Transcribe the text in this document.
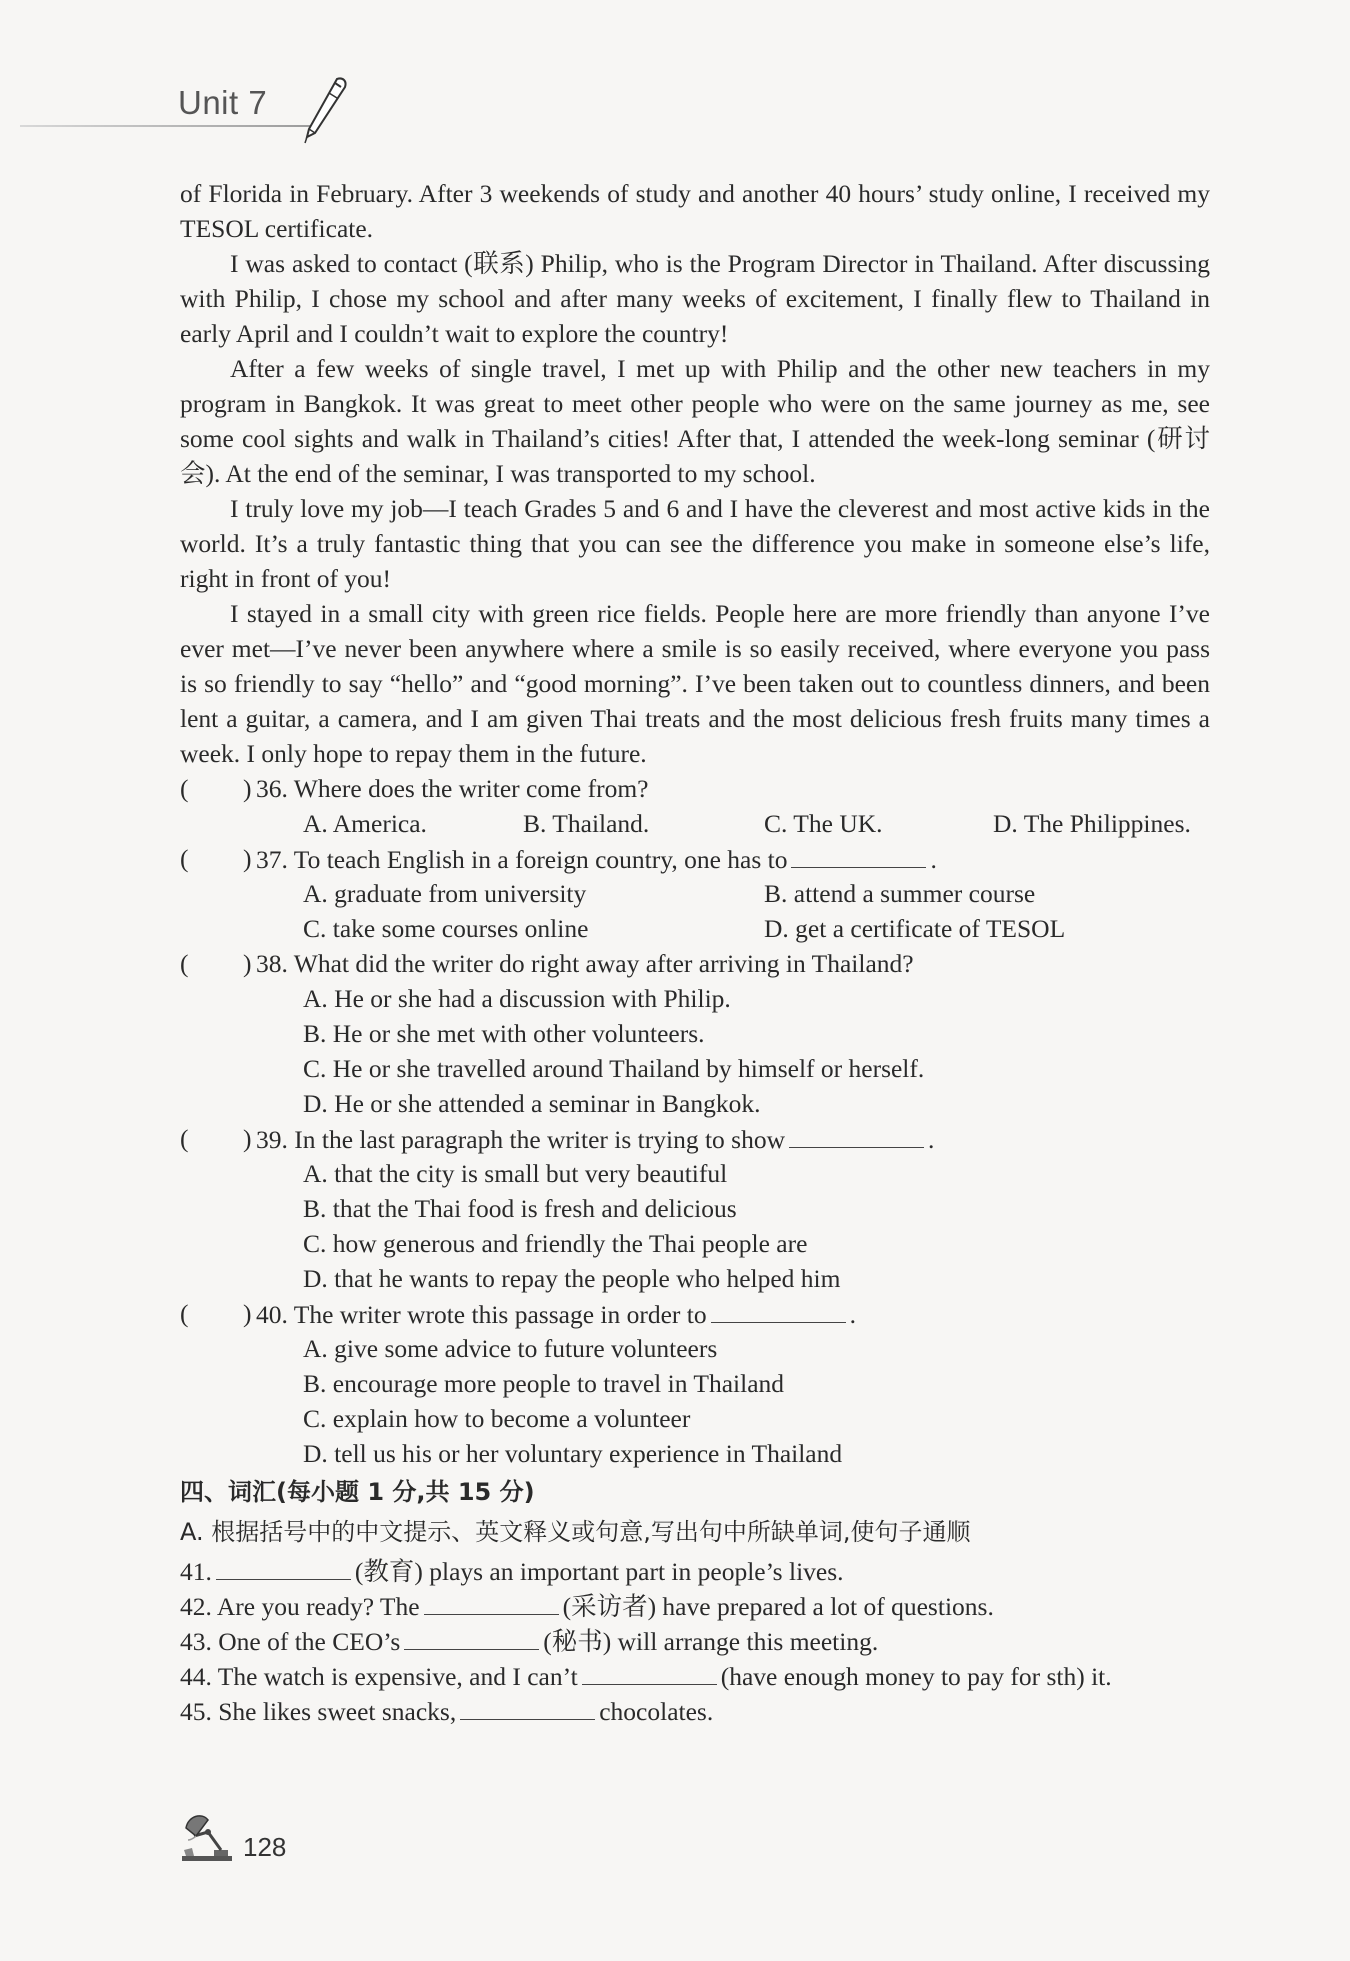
Unit 7

of Florida in February. After 3 weekends of study and another 40 hours’ study online, I received my TESOL certificate.

I was asked to contact (联系) Philip, who is the Program Director in Thailand. After discussing with Philip, I chose my school and after many weeks of excitement, I finally flew to Thailand in early April and I couldn’t wait to explore the country!

After a few weeks of single travel, I met up with Philip and the other new teachers in my program in Bangkok. It was great to meet other people who were on the same journey as me, see some cool sights and walk in Thailand’s cities! After that, I attended the week-long seminar (研讨会). At the end of the seminar, I was transported to my school.

I truly love my job—I teach Grades 5 and 6 and I have the cleverest and most active kids in the world. It’s a truly fantastic thing that you can see the difference you make in someone else’s life, right in front of you!

I stayed in a small city with green rice fields. People here are more friendly than anyone I’ve ever met—I’ve never been anywhere where a smile is so easily received, where everyone you pass is so friendly to say “hello” and “good morning”. I’ve been taken out to countless dinners, and been lent a guitar, a camera, and I am given Thai treats and the most delicious fresh fruits many times a week. I only hope to repay them in the future.

( ) 36. Where does the writer come from?
A. America.	B. Thailand.	C. The UK.	D. The Philippines.
( ) 37. To teach English in a foreign country, one has to	.
A. graduate from university	B. attend a summer course
C. take some courses online	D. get a certificate of TESOL
( ) 38. What did the writer do right away after arriving in Thailand?
A. He or she had a discussion with Philip.
B. He or she met with other volunteers.
C. He or she travelled around Thailand by himself or herself.
D. He or she attended a seminar in Bangkok.
( ) 39. In the last paragraph the writer is trying to show	.
A. that the city is small but very beautiful
B. that the Thai food is fresh and delicious
C. how generous and friendly the Thai people are
D. that he wants to repay the people who helped him
( ) 40. The writer wrote this passage in order to	.
A. give some advice to future volunteers
B. encourage more people to travel in Thailand
C. explain how to become a volunteer
D. tell us his or her voluntary experience in Thailand
四、词汇(每小题 1 分,共 15 分)
A. 根据括号中的中文提示、英文释义或句意,写出句中所缺单词,使句子通顺
41.	(教育) plays an important part in people’s lives.
42. Are you ready? The	(采访者) have prepared a lot of questions.
43. One of the CEO’s	(秘书) will arrange this meeting.
44. The watch is expensive, and I can’t	(have enough money to pay for sth) it.
45. She likes sweet snacks,	chocolates.
128
